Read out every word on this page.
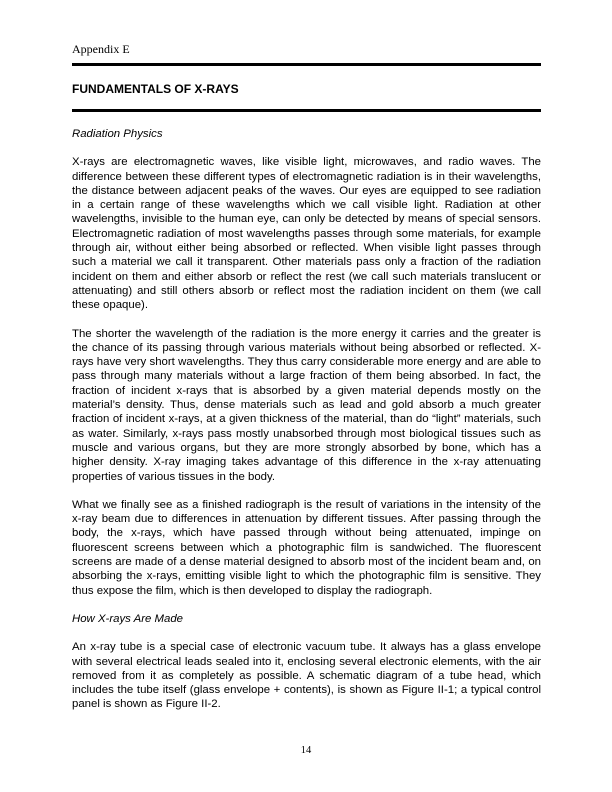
Appendix E
FUNDAMENTALS OF X-RAYS
Radiation Physics

X-rays are electromagnetic waves, like visible light, microwaves, and radio waves. The difference between these different types of electromagnetic radiation is in their wavelengths, the distance between adjacent peaks of the waves. Our eyes are equipped to see radiation in a certain range of these wavelengths which we call visible light. Radiation at other wavelengths, invisible to the human eye, can only be detected by means of special sensors. Electromagnetic radiation of most wavelengths passes through some materials, for example through air, without either being absorbed or reflected. When visible light passes through such a material we call it transparent. Other materials pass only a fraction of the radiation incident on them and either absorb or reflect the rest (we call such materials translucent or attenuating) and still others absorb or reflect most the radiation incident on them (we call these opaque).

The shorter the wavelength of the radiation is the more energy it carries and the greater is the chance of its passing through various materials without being absorbed or reflected. X-rays have very short wavelengths. They thus carry considerable more energy and are able to pass through many materials without a large fraction of them being absorbed. In fact, the fraction of incident x-rays that is absorbed by a given material depends mostly on the material’s density. Thus, dense materials such as lead and gold absorb a much greater fraction of incident x-rays, at a given thickness of the material, than do “light” materials, such as water. Similarly, x-rays pass mostly unabsorbed through most biological tissues such as muscle and various organs, but they are more strongly absorbed by bone, which has a higher density. X-ray imaging takes advantage of this difference in the x-ray attenuating properties of various tissues in the body.

What we finally see as a finished radiograph is the result of variations in the intensity of the x-ray beam due to differences in attenuation by different tissues. After passing through the body, the x-rays, which have passed through without being attenuated, impinge on fluorescent screens between which a photographic film is sandwiched. The fluorescent screens are made of a dense material designed to absorb most of the incident beam and, on absorbing the x-rays, emitting visible light to which the photographic film is sensitive. They thus expose the film, which is then developed to display the radiograph.

How X-rays Are Made

An x-ray tube is a special case of electronic vacuum tube. It always has a glass envelope with several electrical leads sealed into it, enclosing several electronic elements, with the air removed from it as completely as possible. A schematic diagram of a tube head, which includes the tube itself (glass envelope + contents), is shown as Figure II-1; a typical control panel is shown as Figure II-2.

14
